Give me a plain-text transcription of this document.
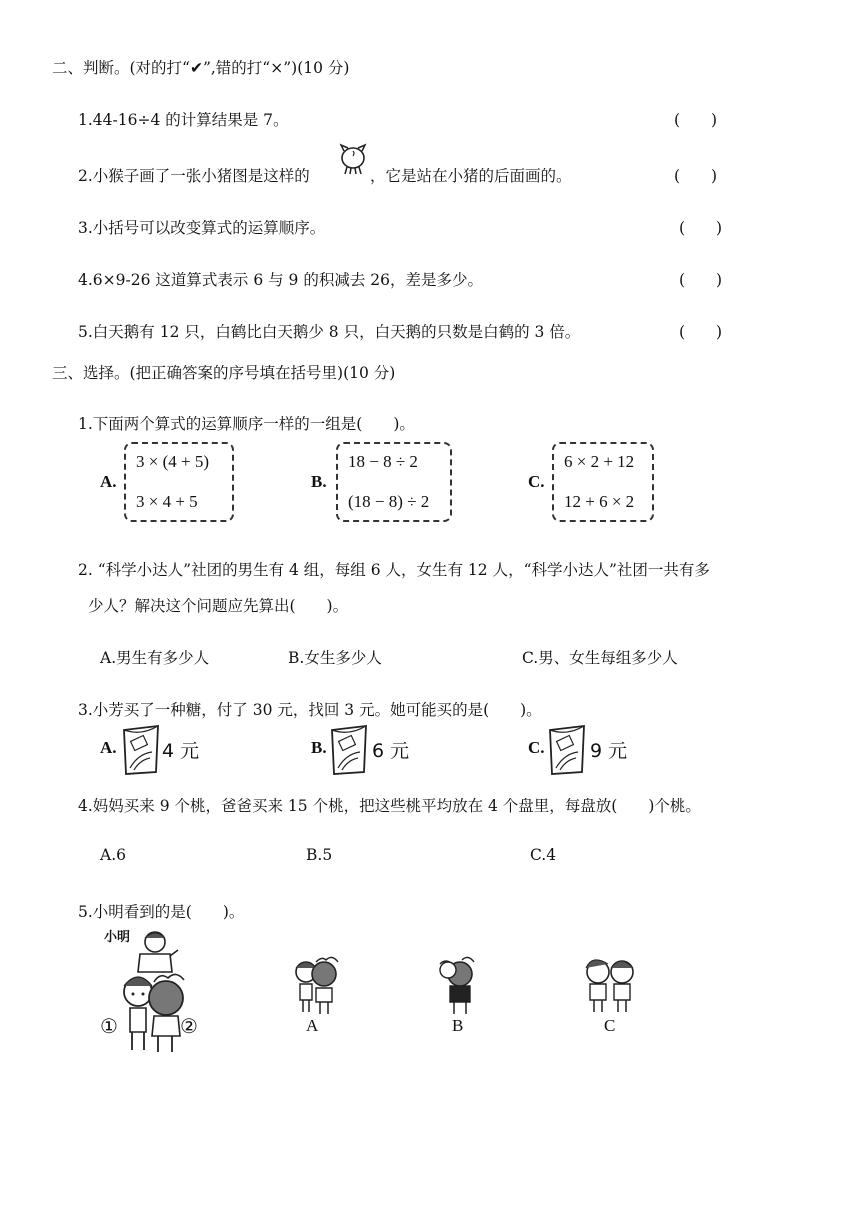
二、判断。(对的打“✔”,错的打“×”)(10 分)
1.44-16÷4 的计算结果是 7。	(　　)
2.小猴子画了一张小猪图是这样的	，它是站在小猪的后面画的。	(　　)
3.小括号可以改变算式的运算顺序。	(　　)
4.6×9-26 这道算式表示 6 与 9 的积减去 26，差是多少。	(　　)
5.白天鹅有 12 只，白鹤比白天鹅少 8 只，白天鹅的只数是白鹤的 3 倍。	(　　)
三、选择。(把正确答案的序号填在括号里)(10 分)
1.下面两个算式的运算顺序一样的一组是(　　)。
A.
3 × (4 + 5)
3 × 4 + 5
B.
18 − 8 ÷ 2
(18 − 8) ÷ 2
C.
6 × 2 + 12
12 + 6 × 2
2. “科学小达人”社团的男生有 4 组，每组 6 人，女生有 12 人，“科学小达人”社团一共有多
少人？解决这个问题应先算出(　　)。
A.男生有多少人	B.女生多少人	C.男、女生每组多少人
3.小芳买了一种糖，付了 30 元，找回 3 元。她可能买的是(　　)。
A. 4 元	B. 6 元	C. 9 元
4.妈妈买来 9 个桃，爸爸买来 15 个桃，把这些桃平均放在 4 个盘里，每盘放(　　)个桃。
A.6	B.5	C.4
5.小明看到的是(　　)。
小明
①	②	A	B	C
